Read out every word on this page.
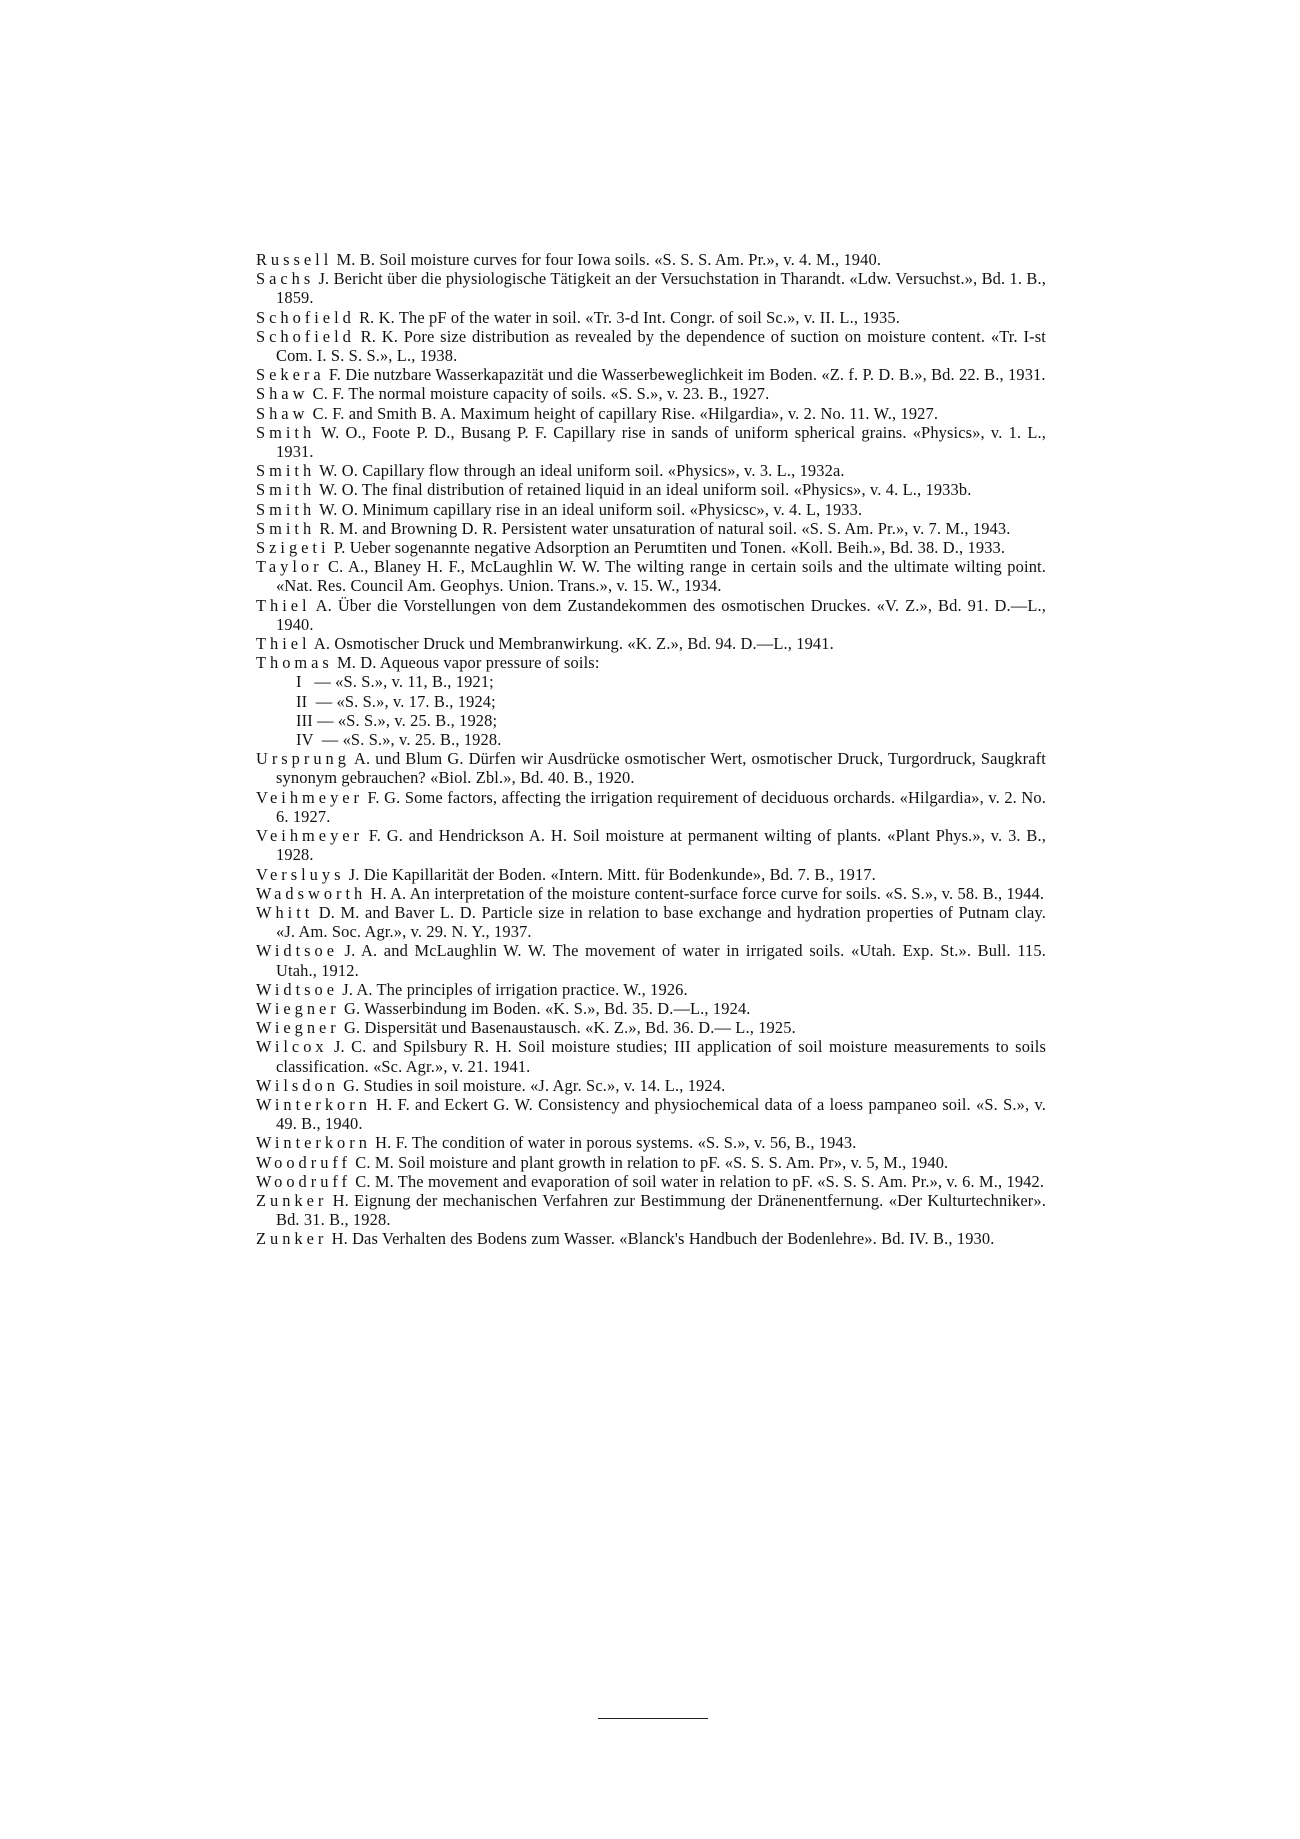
Russell M. B. Soil moisture curves for four Iowa soils. «S. S. S. Am. Pr.», v. 4. M., 1940.

Sachs J. Bericht über die physiologische Tätigkeit an der Versuchstation in Tharandt. «Ldw. Versuchst.», Bd. 1. B., 1859.

Schofield R. K. The pF of the water in soil. «Tr. 3-d Int. Congr. of soil Sc.», v. II. L., 1935.

Schofield R. K. Pore size distribution as revealed by the dependence of suction on moisture content. «Tr. I-st Com. I. S. S. S.», L., 1938.

Sekera F. Die nutzbare Wasserkapazität und die Wasserbeweglichkeit im Boden. «Z. f. P. D. B.», Bd. 22. B., 1931.

Shaw C. F. The normal moisture capacity of soils. «S. S.», v. 23. B., 1927.

Shaw C. F. and Smith B. A. Maximum height of capillary Rise. «Hilgardia», v. 2. No. 11. W., 1927.

Smith W. O., Foote P. D., Busang P. F. Capillary rise in sands of uniform spherical grains. «Physics», v. 1. L., 1931.

Smith W. O. Capillary flow through an ideal uniform soil. «Physics», v. 3. L., 1932a.

Smith W. O. The final distribution of retained liquid in an ideal uniform soil. «Physics», v. 4. L., 1933b.

Smith W. O. Minimum capillary rise in an ideal uniform soil. «Physicsc», v. 4. L, 1933.

Smith R. M. and Browning D. R. Persistent water unsaturation of natural soil. «S. S. Am. Pr.», v. 7. M., 1943.

Szigeti P. Ueber sogenannte negative Adsorption an Perumtiten und Tonen. «Koll. Beih.», Bd. 38. D., 1933.

Taylor C. A., Blaney H. F., McLaughlin W. W. The wilting range in certain soils and the ultimate wilting point. «Nat. Res. Council Am. Geophys. Union. Trans.», v. 15. W., 1934.

Thiel A. Über die Vorstellungen von dem Zustandekommen des osmotischen Druckes. «V. Z.», Bd. 91. D.—L., 1940.

Thiel A. Osmotischer Druck und Membranwirkung. «K. Z.», Bd. 94. D.—L., 1941.

Thomas M. D. Aqueous vapor pressure of soils:

I   — «S. S.», v. 11, B., 1921;
II  — «S. S.», v. 17. B., 1924;
III — «S. S.», v. 25. B., 1928;
IV  — «S. S.», v. 25. B., 1928.

Ursprung A. und Blum G. Dürfen wir Ausdrücke osmotischer Wert, osmotischer Druck, Turgordruck, Saugkraft synonym gebrauchen? «Biol. Zbl.», Bd. 40. B., 1920.

Veihmeyer F. G. Some factors, affecting the irrigation requirement of deciduous orchards. «Hilgardia», v. 2. No. 6. 1927.

Veihmeyer F. G. and Hendrickson A. H. Soil moisture at permanent wilting of plants. «Plant Phys.», v. 3. B., 1928.

Versluys J. Die Kapillarität der Boden. «Intern. Mitt. für Bodenkunde», Bd. 7. B., 1917.

Wadsworth H. A. An interpretation of the moisture content-surface force curve for soils. «S. S.», v. 58. B., 1944.

Whitt D. M. and Baver L. D. Particle size in relation to base exchange and hydration properties of Putnam clay. «J. Am. Soc. Agr.», v. 29. N. Y., 1937.

Widtsoe J. A. and McLaughlin W. W. The movement of water in irrigated soils. «Utah. Exp. St.». Bull. 115. Utah., 1912.

Widtsoe J. A. The principles of irrigation practice. W., 1926.

Wiegner G. Wasserbindung im Boden. «K. S.», Bd. 35. D.—L., 1924.

Wiegner G. Dispersität und Basenaustausch. «K. Z.», Bd. 36. D.— L., 1925.

Wilcox J. C. and Spilsbury R. H. Soil moisture studies; III application of soil moisture measurements to soils classification. «Sc. Agr.», v. 21. 1941.

Wilsdon G. Studies in soil moisture. «J. Agr. Sc.», v. 14. L., 1924.

Winterkorn H. F. and Eckert G. W. Consistency and physiochemical data of a loess pampaneo soil. «S. S.», v. 49. B., 1940.

Winterkorn H. F. The condition of water in porous systems. «S. S.», v. 56, B., 1943.

Woodruff C. M. Soil moisture and plant growth in relation to pF. «S. S. S. Am. Pr», v. 5, M., 1940.

Woodruff C. M. The movement and evaporation of soil water in relation to pF. «S. S. S. Am. Pr.», v. 6. M., 1942.

Zunker H. Eignung der mechanischen Verfahren zur Bestimmung der Dränenentfernung. «Der Kulturtechniker». Bd. 31. B., 1928.

Zunker H. Das Verhalten des Bodens zum Wasser. «Blanck's Handbuch der Bodenlehre». Bd. IV. B., 1930.
